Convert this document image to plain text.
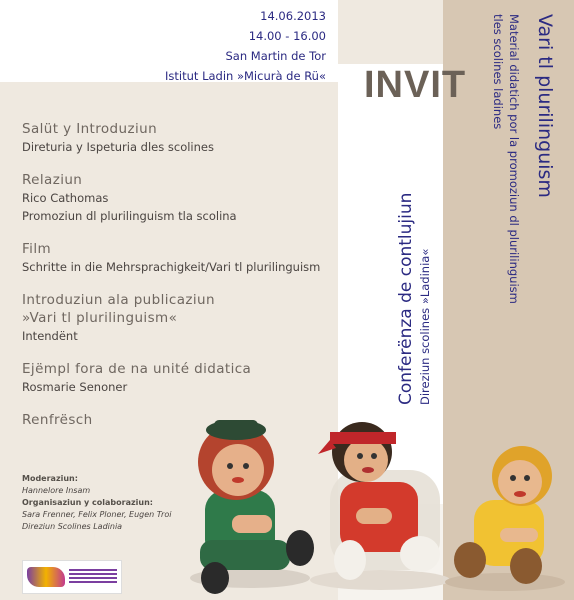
14.06.2013
14.00 - 16.00
San Martin de Tor
Istitut Ladin »Micurà de Rü« INVIT	Vari tl plurilinguism
Material didatich por la promoziun dl plurilinguism
tles scolines ladines
Conferënza de contlujiun Direziun scolines »Ladinia«
Salüt y Introduziun
Direturia y Ispeturia dles scolines
Relaziun
Rico Cathomas
Promoziun dl plurilinguism tla scolina
Film
Schritte in die Mehrsprachigkeit/Vari tl plurilinguism
Introduziun ala publicaziun
»Vari tl plurilinguism«
Intendënt
Ejëmpl fora de na unité didatica
Rosmarie Senoner
Renfrësch
Moderaziun:
Hannelore Insam
Organisaziun y colaboraziun:
Sara Frenner, Felix Ploner, Eugen Troi
Direziun Scolines Ladinia
